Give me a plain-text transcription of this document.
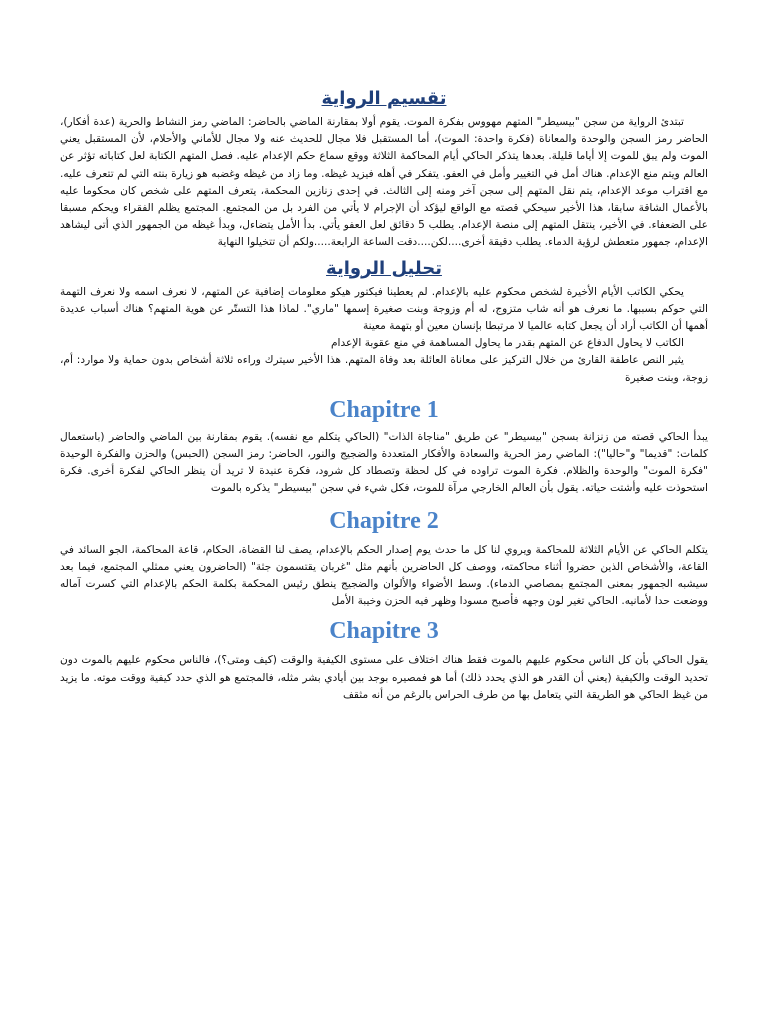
تقسيم الرواية

تبتدئ الرواية من سجن "بيسيطر" المتهم مهووس بفكرة الموت. يقوم أولا بمقارنة الماضي بالحاضر: الماضي رمز النشاط والحرية (عدة أفكار)، الحاضر رمز السجن والوحدة والمعاناة (فكرة واحدة: الموت)، أما المستقبل فلا مجال للحديث عنه ولا مجال للأماني والأحلام، لأن المستقبل يعني الموت ولم يبق للموت إلا أياما قليلة. بعدها يتذكر الحاكي أيام المحاكمة الثلاثة ووقع سماع حكم الإعدام عليه. فصل المتهم الكتابة لعل كتاباته تؤثر عن العالم ويتم منع الإعدام. هناك أمل في التغيير وأمل في العفو. يتفكر في أهله فيزيد غيظه. وما زاد من غيظه وغضبه هو زيارة بنته التي لم تتعرف عليه. مع اقتراب موعد الإعدام، يتم نقل المتهم إلى سجن آخر ومنه إلى الثالث. في إحدى زنازين المحكمة، يتعرف المتهم على شخص كان محكوما عليه بالأعمال الشاقة سابقا، هذا الأخير سيحكي قصته مع الواقع ليؤكد أن الإجرام لا يأتي من الفرد بل من المجتمع. المجتمع يظلم الفقراء ويحكم مسبقا على الضعفاء. في الأخير، ينتقل المتهم إلى منصة الإعدام. يطلب 5 دقائق لعل العفو يأتي. بدأ الأمل يتضاءل، وبدأ غيظه من الجمهور الذي أتى ليشاهد الإعدام، جمهور متعطش لرؤية الدماء. يطلب دقيقة أخرى....لكن....دقت الساعة الرابعة.....ولكم أن تتخيلوا النهاية

تحليل الرواية

يحكي الكاتب الأيام الأخيرة لشخص محكوم عليه بالإعدام. لم يعطينا فيكتور هيكو معلومات إضافية عن المتهم، لا نعرف اسمه ولا نعرف التهمة التي حوكم بسببها. ما نعرف هو أنه شاب متزوج، له أم وزوجة وبنت صغيرة إسمها "ماري". لماذا هذا التستّر عن هوية المتهم؟ هناك أسباب عديدة أهمها أن الكاتب أراد أن يجعل كتابه عالميا لا مرتبطا بإنسان معين أو بتهمة معينة

الكاتب لا يحاول الدفاع عن المتهم بقدر ما يحاول المساهمة في منع عقوبة الإعدام

يثير النص عاطفة القارئ من خلال التركيز على معاناة العائلة بعد وفاة المتهم. هذا الأخير سيترك وراءه ثلاثة أشخاص بدون حماية ولا موارد: أم، زوجة، وبنت صغيرة

Chapitre 1

يبدأ الحاكي قصته من زنزانة بسجن "بيسيطر" عن طريق "مناجاة الذات" (الحاكي يتكلم مع نفسه). يقوم بمقارنة بين الماضي والحاضر (باستعمال كلمات: "قديما" و"حاليا"): الماضي رمز الحرية والسعادة والأفكار المتعددة والضجيج والنور، الحاضر: رمز السجن (الحبس) والحزن والفكرة الوحيدة "فكرة الموت" والوحدة والظلام. فكرة الموت تراوده في كل لحظة وتصطاد كل شرود، فكرة عنيدة لا تريد أن ينظر الحاكي لفكرة أخرى. فكرة استحوذت عليه وأشتت حياته. يقول بأن العالم الخارجي مرآة للموت، فكل شيء في سجن "بيسيطر" يذكره بالموت

Chapitre 2

يتكلم الحاكي عن الأيام الثلاثة للمحاكمة ويروي لنا كل ما حدث يوم إصدار الحكم بالإعدام، يصف لنا القضاة، الحكام، قاعة المحاكمة، الجو السائد في القاعة، والأشخاص الذين حضروا أثناء محاكمته، ووصف كل الحاضرين بأنهم مثل "غربان يقتسمون جثة" (الحاضرون يعني ممثلي المجتمع، فيما بعد سيشبه الجمهور بمعنى المجتمع بمصاصي الدماء). وسط الأضواء والألوان والضجيج ينطق رئيس المحكمة بكلمة الحكم بالإعدام التي كسرت آماله ووضعت حدا لأمانيه. الحاكي تغير لون وجهه فأصبح مسودا وظهر فيه الحزن وخيبة الأمل

Chapitre 3

يقول الحاكي بأن كل الناس محكوم عليهم بالموت فقط هناك اختلاف على مستوى الكيفية والوقت (كيف ومتى؟)، فالناس محكوم عليهم بالموت دون تحديد الوقت والكيفية (يعني أن القدر هو الذي يحدد ذلك) أما هو فمصيره بوجد بين أيادي بشر مثله، فالمجتمع هو الذي حدد كيفية ووقت موته. ما يزيد من غيظ الحاكي هو الطريقة التي يتعامل بها من طرف الحراس بالرغم من أنه مثقف
